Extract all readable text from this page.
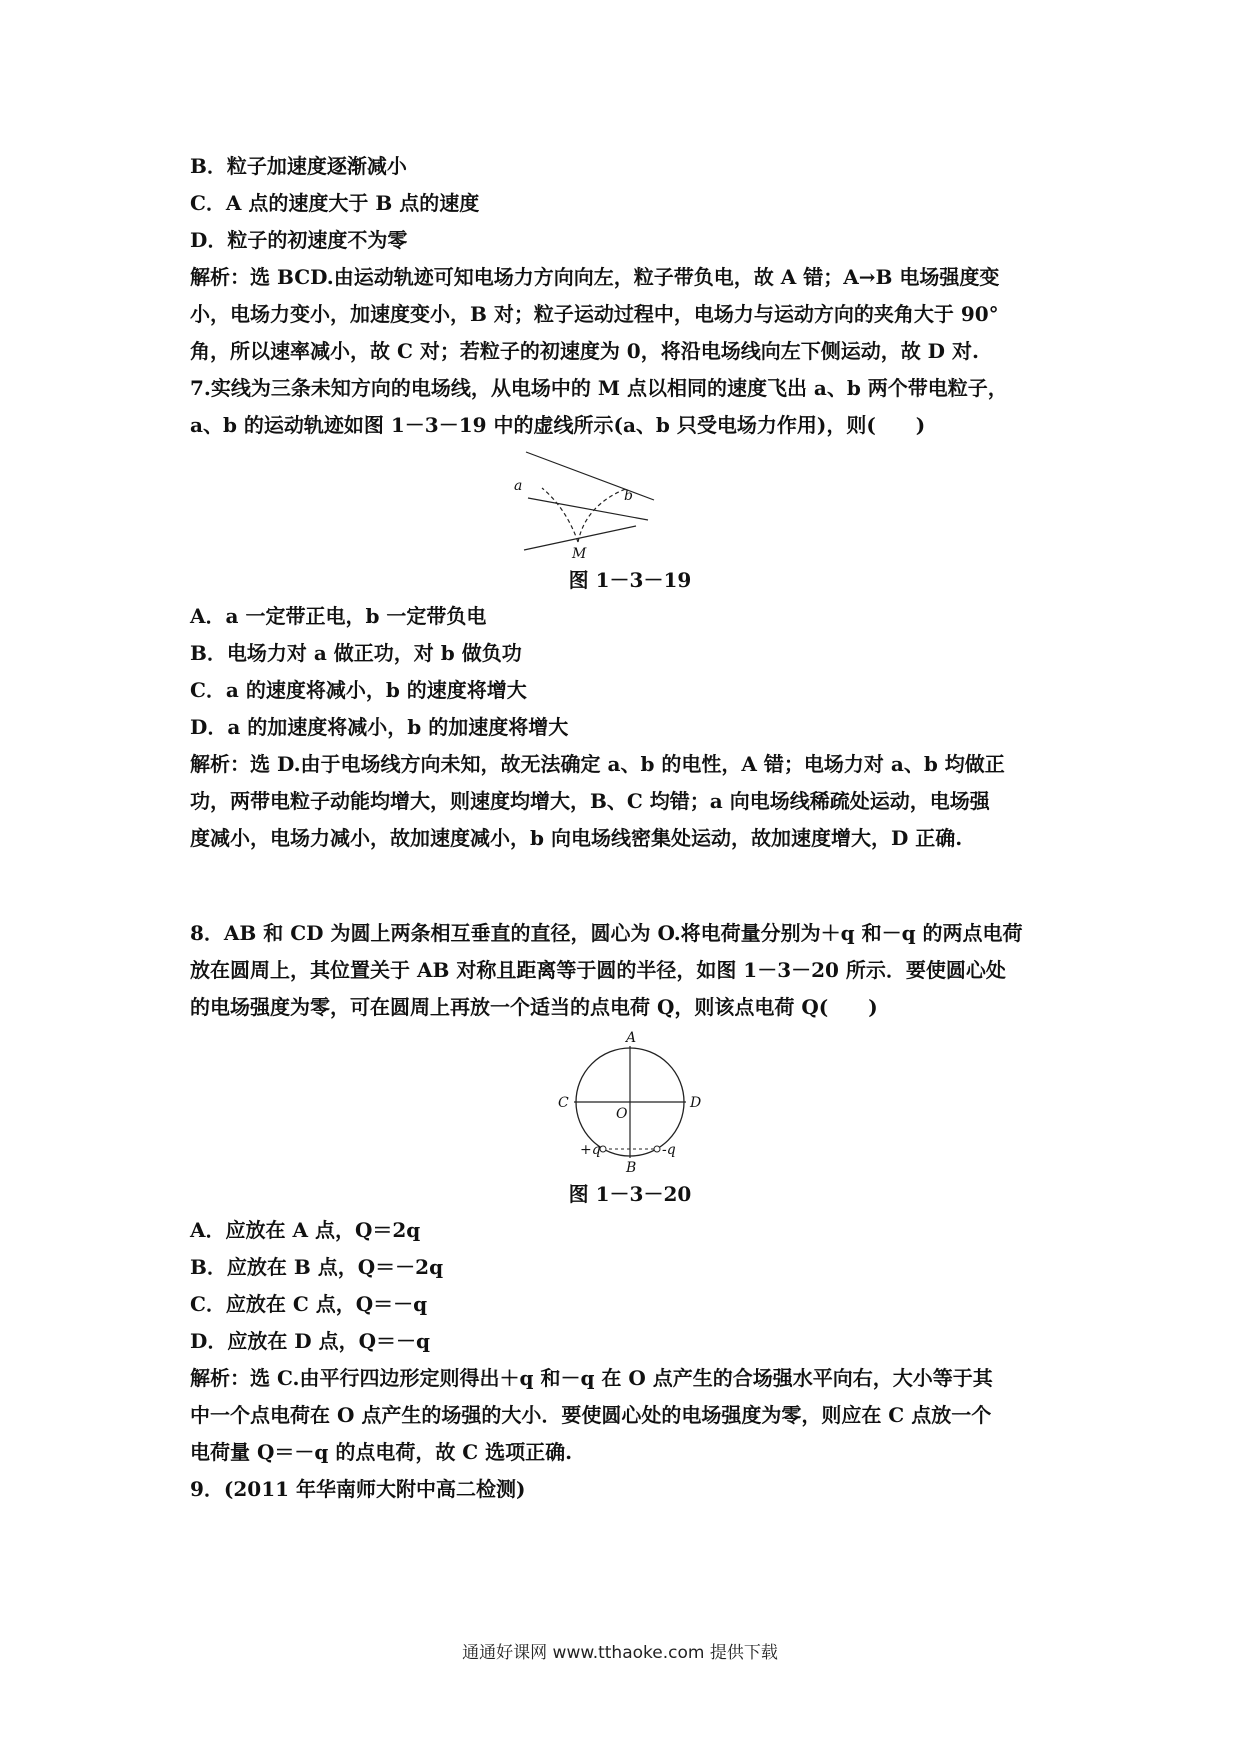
B．粒子加速度逐渐减小
C．A 点的速度大于 B 点的速度
D．粒子的初速度不为零
解析：选 BCD.由运动轨迹可知电场力方向向左，粒子带负电，故 A 错；A→B 电场强度变
小，电场力变小，加速度变小，B 对；粒子运动过程中，电场力与运动方向的夹角大于 90°
角，所以速率减小，故 C 对；若粒子的初速度为 0，将沿电场线向左下侧运动，故 D 对.
7.实线为三条未知方向的电场线，从电场中的 M 点以相同的速度飞出 a、b 两个带电粒子，
a、b 的运动轨迹如图 1－3－19 中的虚线所示(a、b 只受电场力作用)，则(　　)
a
b
M
图 1－3－19
A．a 一定带正电，b 一定带负电
B．电场力对 a 做正功，对 b 做负功
C．a 的速度将减小，b 的速度将增大
D．a 的加速度将减小，b 的加速度将增大
解析：选 D.由于电场线方向未知，故无法确定 a、b 的电性，A 错；电场力对 a、b 均做正
功，两带电粒子动能均增大，则速度均增大，B、C 均错；a 向电场线稀疏处运动，电场强
度减小，电场力减小，故加速度减小，b 向电场线密集处运动，故加速度增大，D 正确.
8．AB 和 CD 为圆上两条相互垂直的直径，圆心为 O.将电荷量分别为＋q 和－q 的两点电荷
放在圆周上，其位置关于 AB 对称且距离等于圆的半径，如图 1－3－20 所示．要使圆心处
的电场强度为零，可在圆周上再放一个适当的点电荷 Q，则该点电荷 Q(　　)
A
B
C	D
O
+q	-q
图 1－3－20
A．应放在 A 点，Q＝2q
B．应放在 B 点，Q＝－2q
C．应放在 C 点，Q＝－q
D．应放在 D 点，Q＝－q
解析：选 C.由平行四边形定则得出＋q 和－q 在 O 点产生的合场强水平向右，大小等于其
中一个点电荷在 O 点产生的场强的大小．要使圆心处的电场强度为零，则应在 C 点放一个
电荷量 Q＝－q 的点电荷，故 C 选项正确.
9．(2011 年华南师大附中高二检测)
通通好课网 www.tthaoke.com 提供下载
